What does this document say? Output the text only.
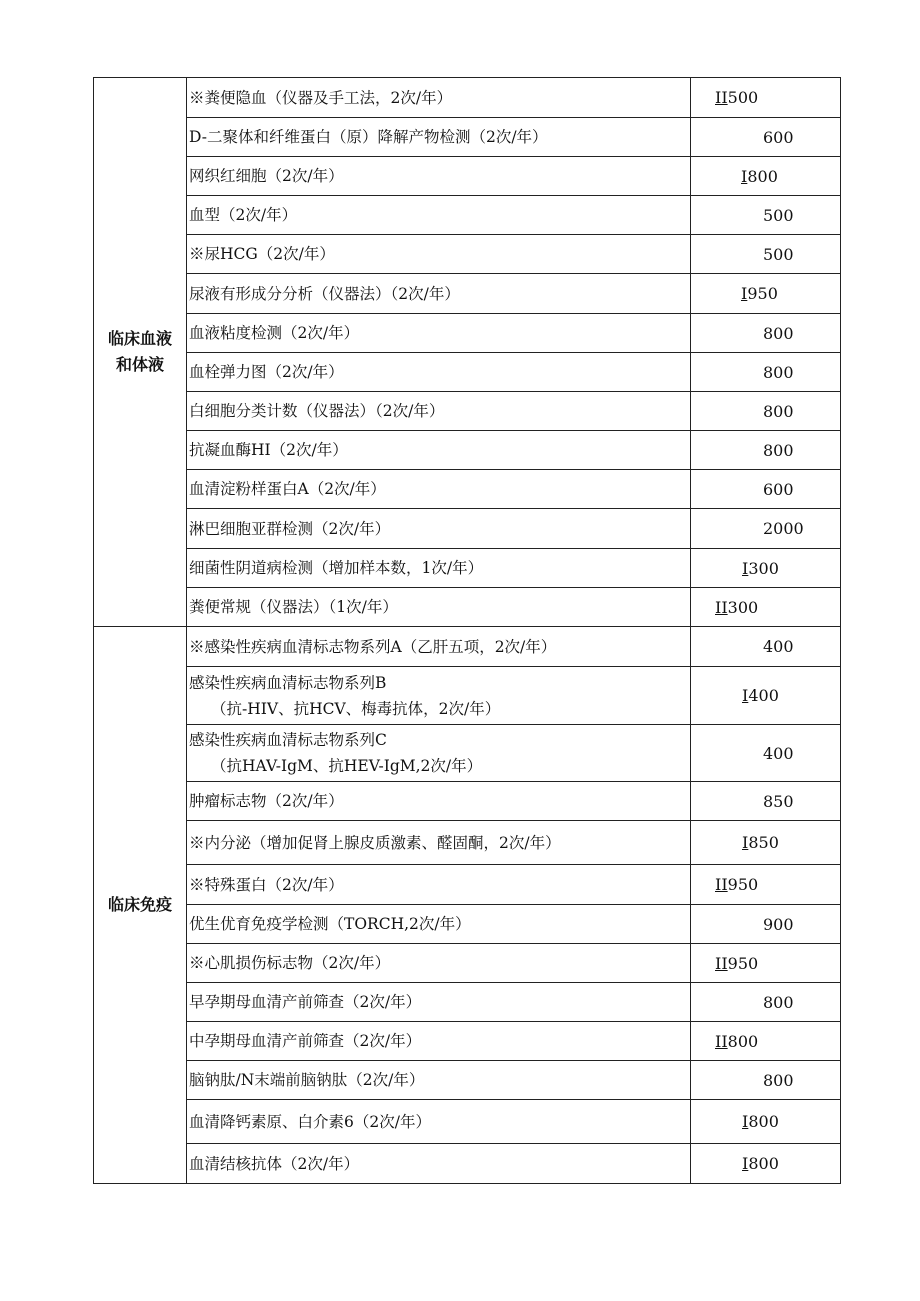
临床血液
和体液	※粪便隐血（仪器及手工法，2次/年）	II500
	D-二聚体和纤维蛋白（原）降解产物检测（2次/年）	600
	网织红细胞（2次/年）	I800
	血型（2次/年）	500
	※尿HCG（2次/年）	500
	尿液有形成分分析（仪器法）（2次/年）	I950
	血液粘度检测（2次/年）	800
	血栓弹力图（2次/年）	800
	白细胞分类计数（仪器法）（2次/年）	800
	抗凝血酶HI（2次/年）	800
	血清淀粉样蛋白A（2次/年）	600
	淋巴细胞亚群检测（2次/年）	2000
	细菌性阴道病检测（增加样本数，1次/年）	I300
	粪便常规（仪器法）（1次/年）	II300

临床免疫	※感染性疾病血清标志物系列A（乙肝五项，2次/年）	400
	感染性疾病血清标志物系列B
（抗-HIV、抗HCV、梅毒抗体，2次/年）	I400
	感染性疾病血清标志物系列C
（抗HAV-IgM、抗HEV-IgM,2次/年）	400
	肿瘤标志物（2次/年）	850
	※内分泌（增加促肾上腺皮质激素、醛固酮，2次/年）	I850
	※特殊蛋白（2次/年）	II950
	优生优育免疫学检测（TORCH,2次/年）	900
	※心肌损伤标志物（2次/年）	II950
	早孕期母血清产前筛查（2次/年）	800
	中孕期母血清产前筛查（2次/年）	II800
	脑钠肽/N末端前脑钠肽（2次/年）	800
	血清降钙素原、白介素6（2次/年）	I800
	血清结核抗体（2次/年）	I800
